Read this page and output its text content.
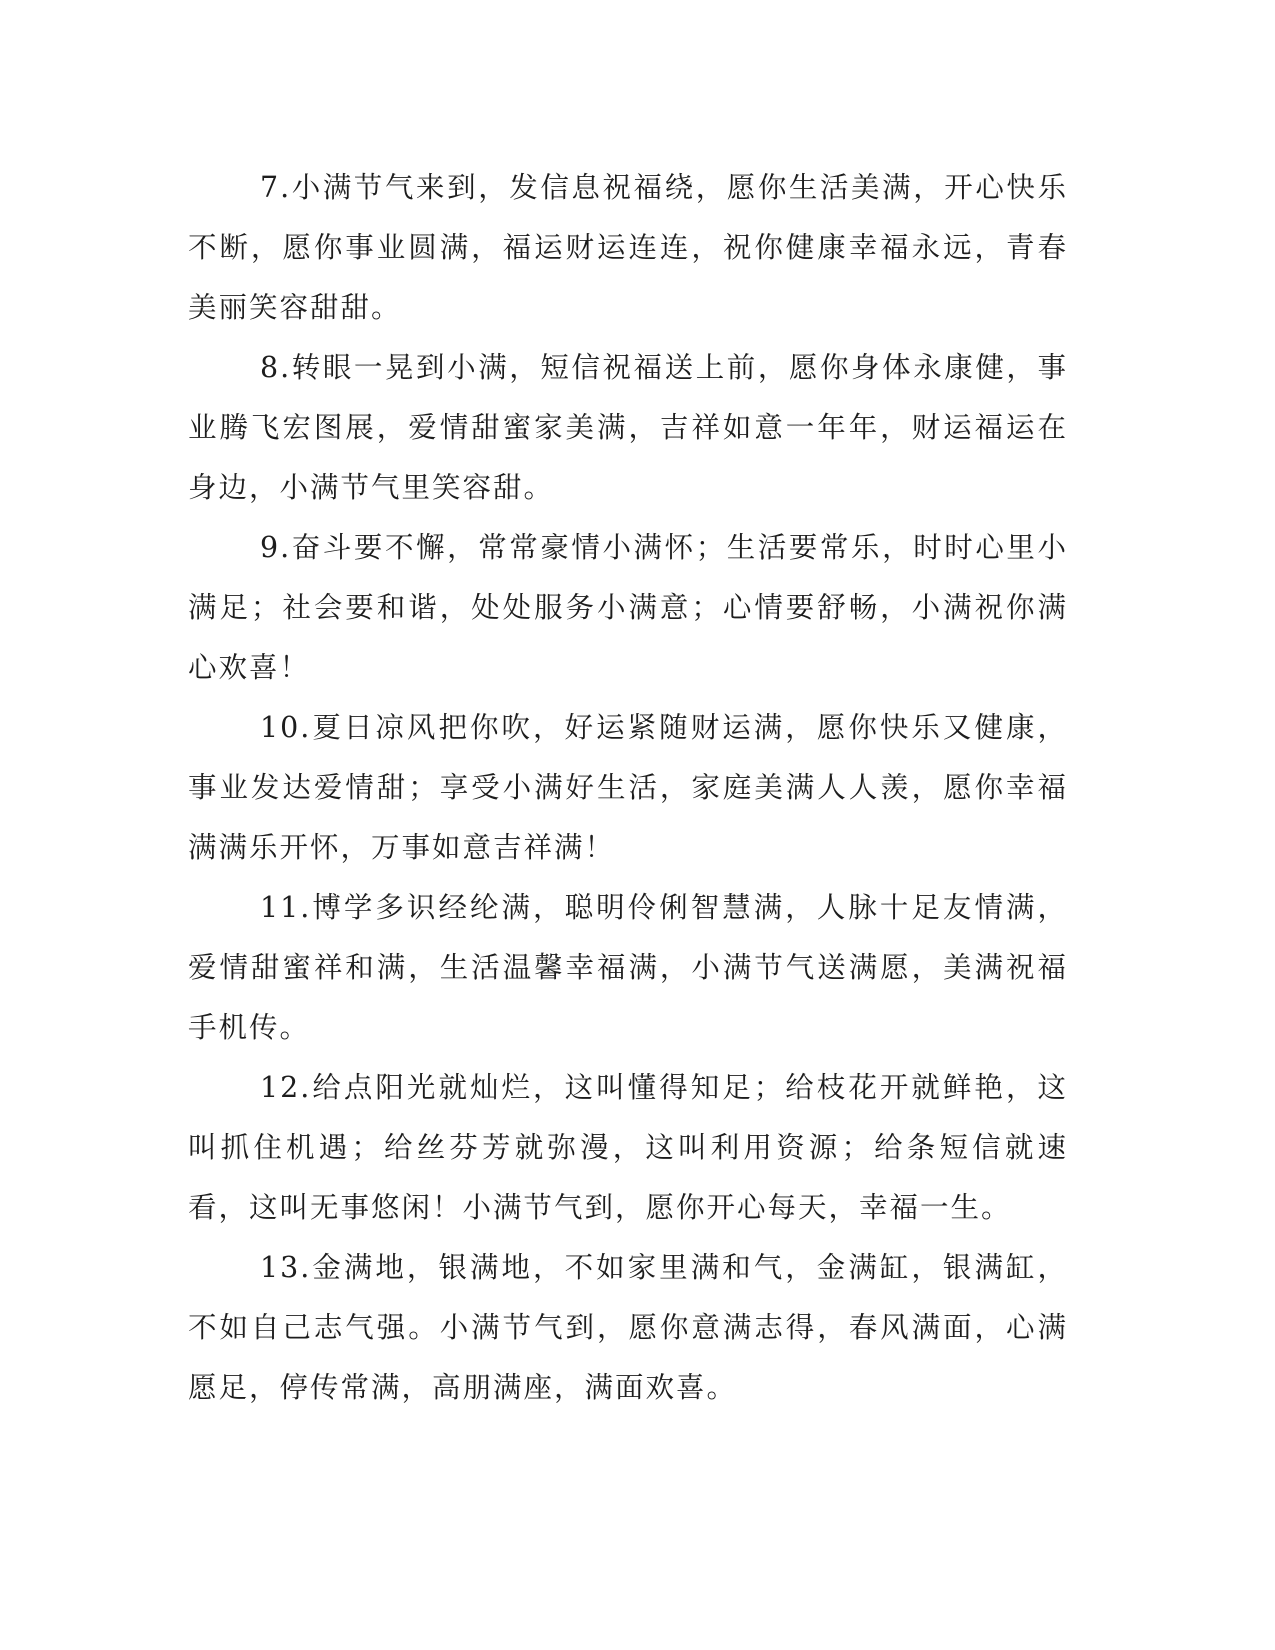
7.小满节气来到，发信息祝福绕，愿你生活美满，开心快乐不断，愿你事业圆满，福运财运连连，祝你健康幸福永远，青春美丽笑容甜甜。

8.转眼一晃到小满，短信祝福送上前，愿你身体永康健，事业腾飞宏图展，爱情甜蜜家美满，吉祥如意一年年，财运福运在身边，小满节气里笑容甜。

9.奋斗要不懈，常常豪情小满怀；生活要常乐，时时心里小满足；社会要和谐，处处服务小满意；心情要舒畅，小满祝你满心欢喜！

10.夏日凉风把你吹，好运紧随财运满，愿你快乐又健康，事业发达爱情甜；享受小满好生活，家庭美满人人羡，愿你幸福满满乐开怀，万事如意吉祥满！

11.博学多识经纶满，聪明伶俐智慧满，人脉十足友情满，爱情甜蜜祥和满，生活温馨幸福满，小满节气送满愿，美满祝福手机传。

12.给点阳光就灿烂，这叫懂得知足；给枝花开就鲜艳，这叫抓住机遇；给丝芬芳就弥漫，这叫利用资源；给条短信就速看，这叫无事悠闲！小满节气到，愿你开心每天，幸福一生。

13.金满地，银满地，不如家里满和气，金满缸，银满缸，不如自己志气强。小满节气到，愿你意满志得，春风满面，心满愿足，停传常满，高朋满座，满面欢喜。
